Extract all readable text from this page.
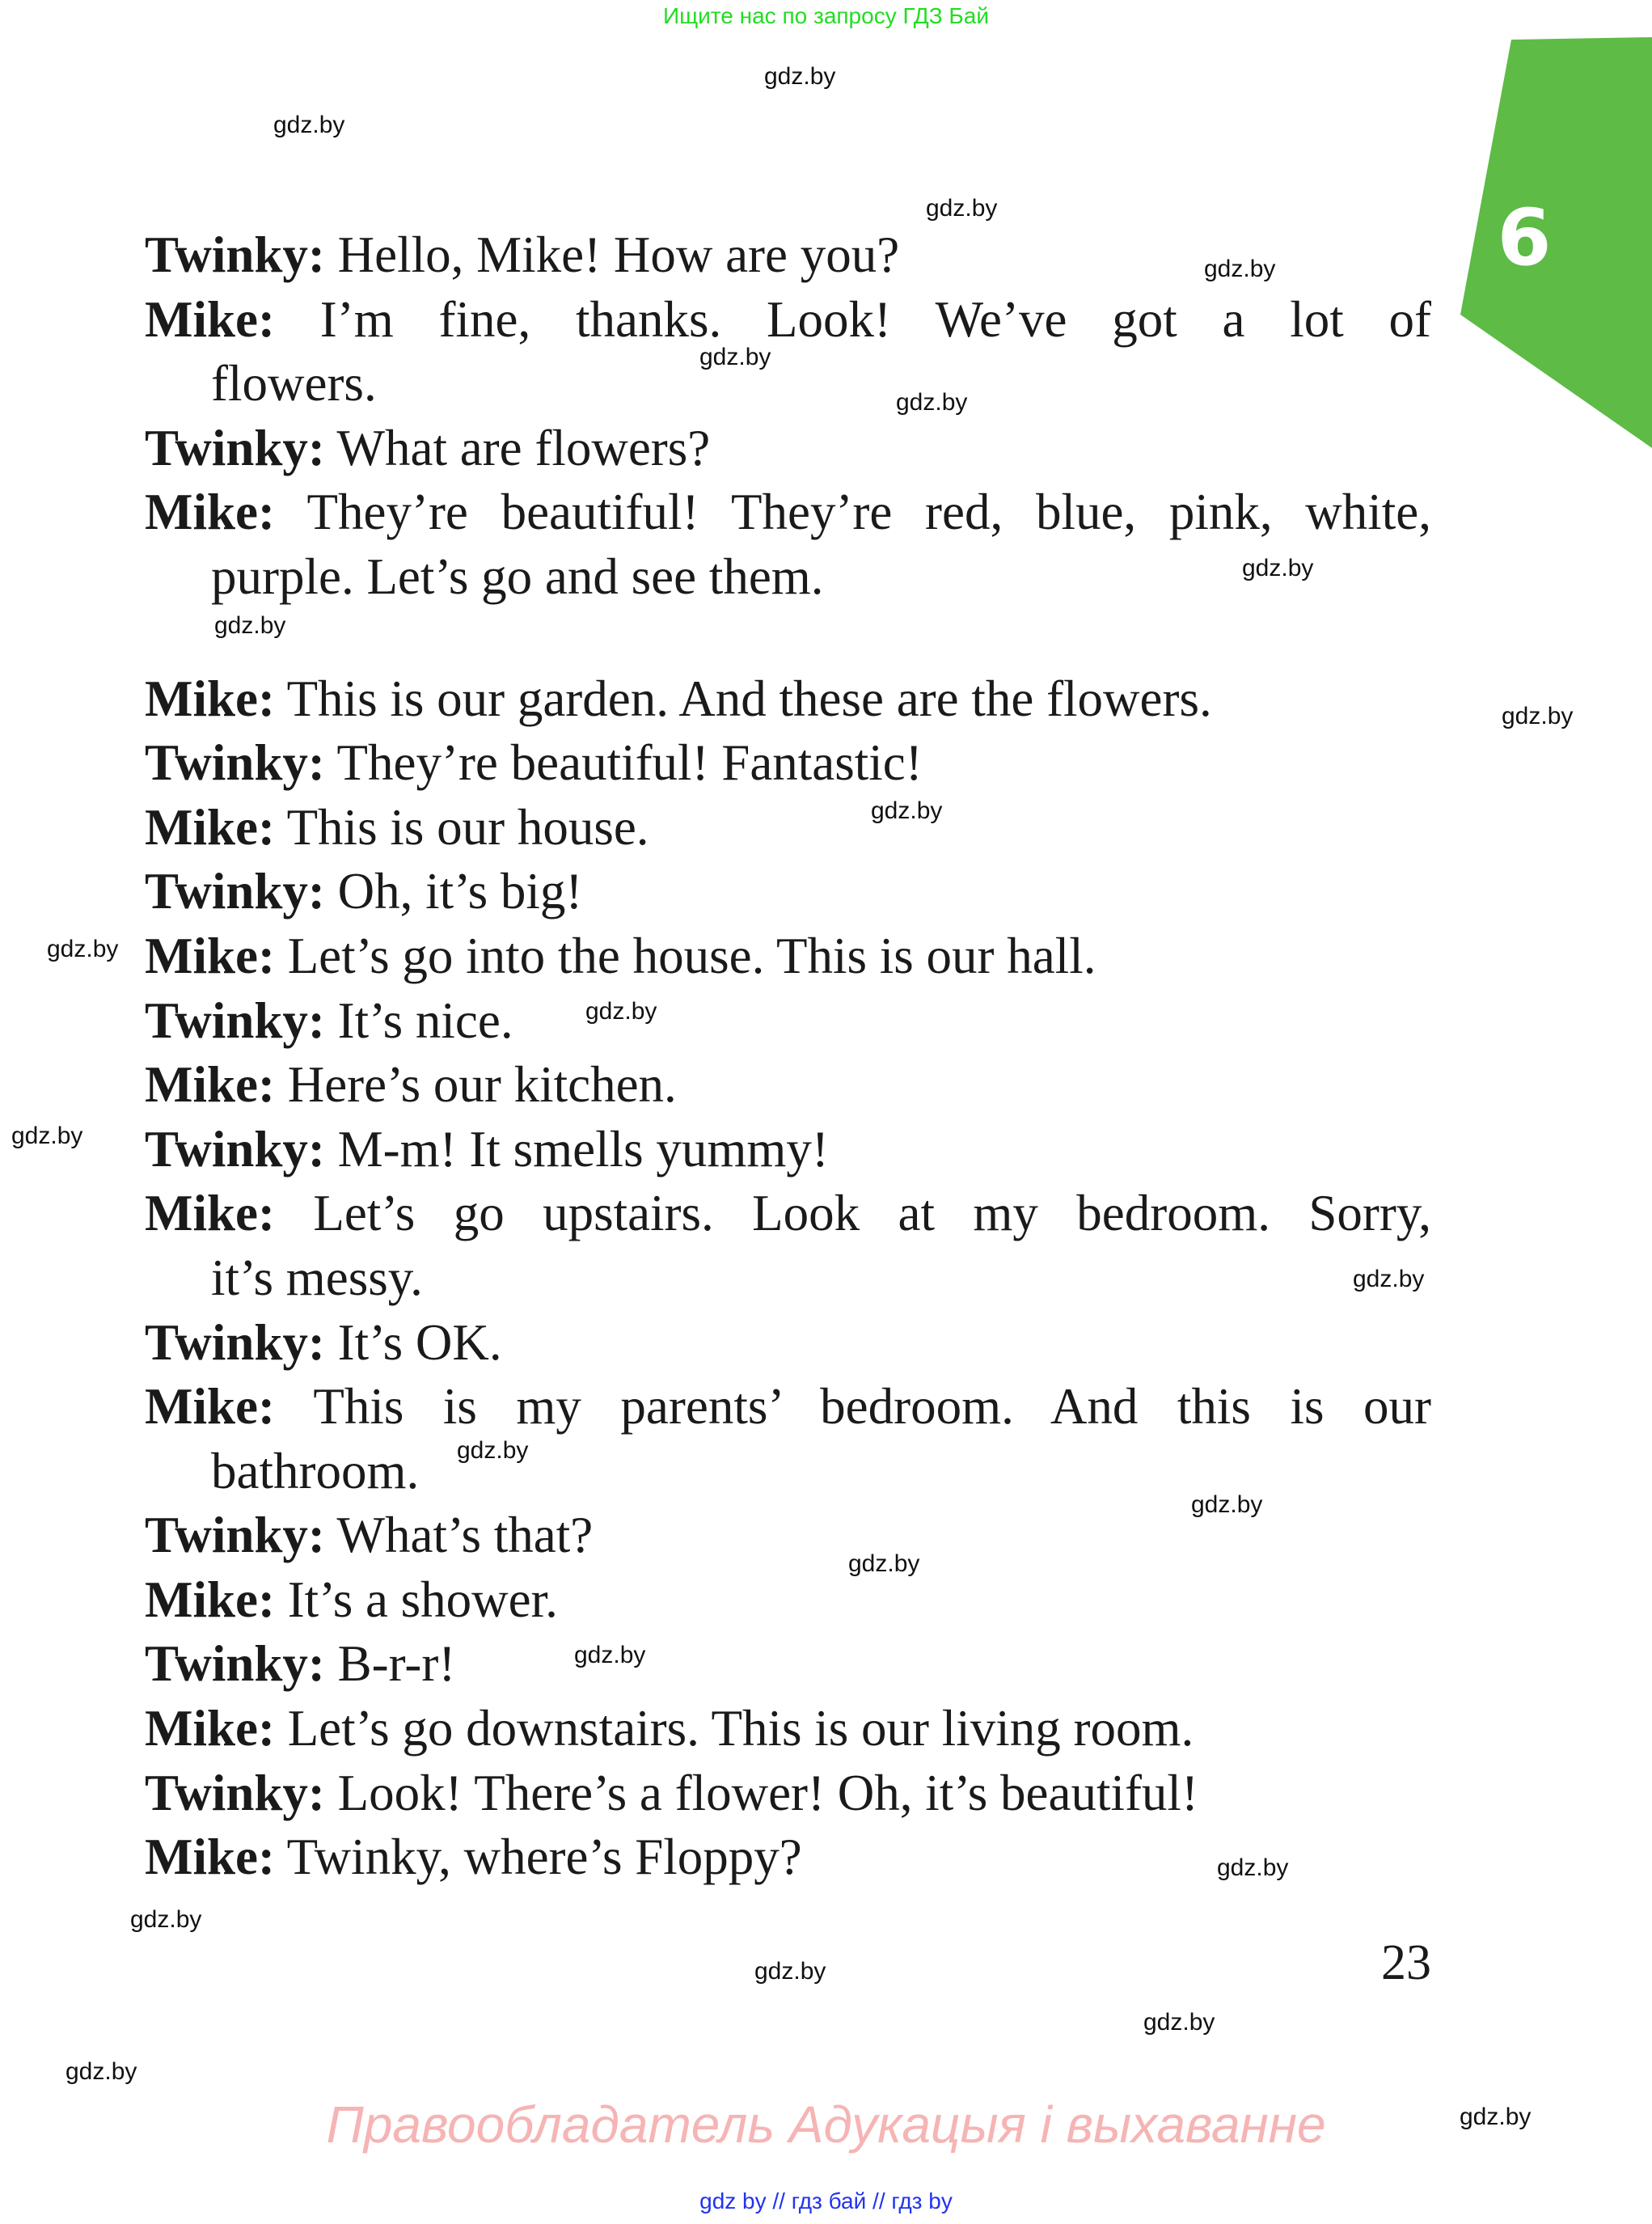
Ищите нас по запросу ГДЗ Бай
6
Twinky: Hello, Mike! How are you?
Mike: I’m fine, thanks. Look! We’ve got a lot of
flowers.
Twinky: What are flowers?
Mike: They’re beautiful! They’re red, blue, pink, white,
purple. Let’s go and see them.
Mike: This is our garden. And these are the flowers.
Twinky: They’re beautiful! Fantastic!
Mike: This is our house.
Twinky: Oh, it’s big!
Mike: Let’s go into the house. This is our hall.
Twinky: It’s nice.
Mike: Here’s our kitchen.
Twinky: M-m! It smells yummy!
Mike: Let’s go upstairs. Look at my bedroom. Sorry,
it’s messy.
Twinky: It’s OK.
Mike: This is my parents’ bedroom. And this is our
bathroom.
Twinky: What’s that?
Mike: It’s a shower.
Twinky: B-r-r!
Mike: Let’s go downstairs. This is our living room.
Twinky: Look! There’s a flower! Oh, it’s beautiful!
Mike: Twinky, where’s Floppy?
gdz.by
gdz.by
gdz.by
gdz.by
gdz.by
gdz.by
gdz.by
gdz.by
gdz.by
gdz.by
gdz.by
gdz.by
gdz.by
gdz.by
gdz.by
gdz.by
gdz.by
gdz.by
gdz.by
gdz.by
gdz.by
gdz.by
gdz.by
gdz.by
23
Правообладатель Адукацыя і выхаванне
gdz by // гдз бай // гдз by
